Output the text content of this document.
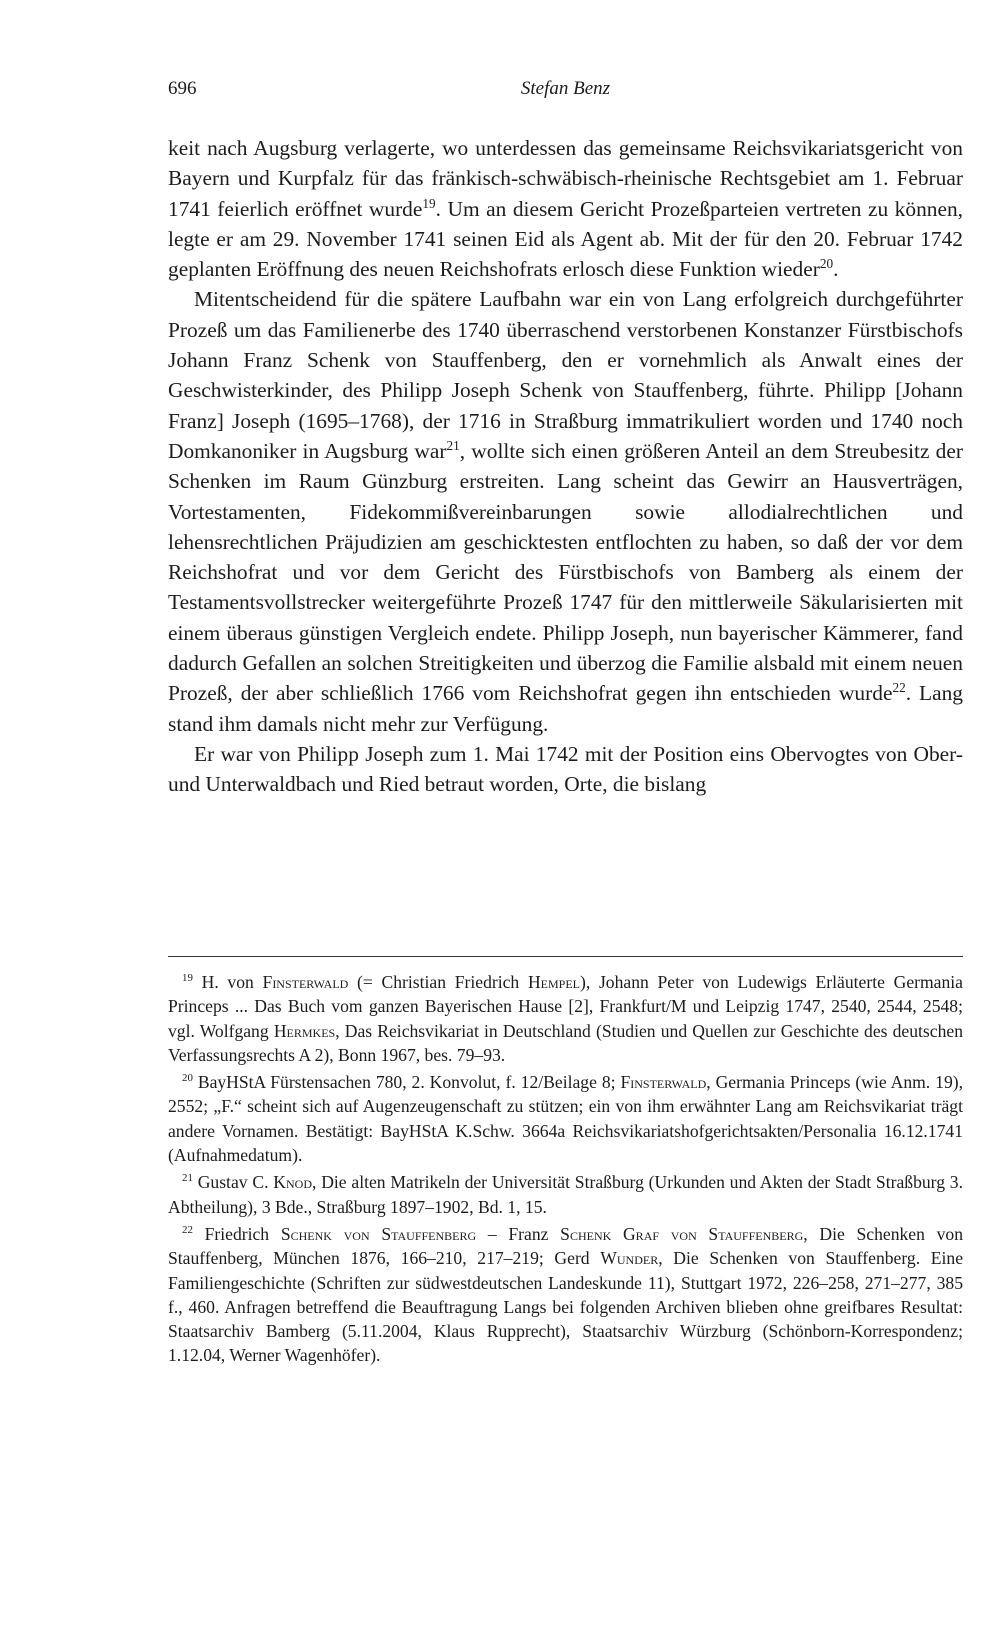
696	Stefan Benz

keit nach Augsburg verlagerte, wo unterdessen das gemeinsame Reichsvikariatsgericht von Bayern und Kurpfalz für das fränkisch-schwäbisch-rheinische Rechtsgebiet am 1. Februar 1741 feierlich eröffnet wurde$^{19}$. Um an diesem Gericht Prozeßparteien vertreten zu können, legte er am 29. November 1741 seinen Eid als Agent ab. Mit der für den 20. Februar 1742 geplanten Eröffnung des neuen Reichshofrats erlosch diese Funktion wieder$^{20}$.

Mitentscheidend für die spätere Laufbahn war ein von Lang erfolgreich durchgeführter Prozeß um das Familienerbe des 1740 überraschend verstorbenen Konstanzer Fürstbischofs Johann Franz Schenk von Stauffenberg, den er vornehmlich als Anwalt eines der Geschwisterkinder, des Philipp Joseph Schenk von Stauffenberg, führte. Philipp [Johann Franz] Joseph (1695–1768), der 1716 in Straßburg immatrikuliert worden und 1740 noch Domkanoniker in Augsburg war$^{21}$, wollte sich einen größeren Anteil an dem Streubesitz der Schenken im Raum Günzburg erstreiten. Lang scheint das Gewirr an Hausverträgen, Vortestamenten, Fidekommißvereinbarungen sowie allodialrechtlichen und lehensrechtlichen Präjudizien am geschicktesten entflochten zu haben, so daß der vor dem Reichshofrat und vor dem Gericht des Fürstbischofs von Bamberg als einem der Testamentsvollstrecker weitergeführte Prozeß 1747 für den mittlerweile Säkularisierten mit einem überaus günstigen Vergleich endete. Philipp Joseph, nun bayerischer Kämmerer, fand dadurch Gefallen an solchen Streitigkeiten und überzog die Familie alsbald mit einem neuen Prozeß, der aber schließlich 1766 vom Reichshofrat gegen ihn entschieden wurde$^{22}$. Lang stand ihm damals nicht mehr zur Verfügung.

Er war von Philipp Joseph zum 1. Mai 1742 mit der Position eins Obervogtes von Ober- und Unterwaldbach und Ried betraut worden, Orte, die bislang

$^{19}$ H. von Finsterwald (= Christian Friedrich Hempel), Johann Peter von Ludewigs Erläuterte Germania Princeps ... Das Buch vom ganzen Bayerischen Hause [2], Frankfurt/M und Leipzig 1747, 2540, 2544, 2548; vgl. Wolfgang Hermkes, Das Reichsvikariat in Deutschland (Studien und Quellen zur Geschichte des deutschen Verfassungsrechts A 2), Bonn 1967, bes. 79–93.

$^{20}$ BayHStA Fürstensachen 780, 2. Konvolut, f. 12/Beilage 8; Finsterwald, Germania Princeps (wie Anm. 19), 2552; „F.“ scheint sich auf Augenzeugenschaft zu stützen; ein von ihm erwähnter Lang am Reichsvikariat trägt andere Vornamen. Bestätigt: BayHStA K.Schw. 3664a Reichsvikariatshofgerichtsakten/Personalia 16.12.1741 (Aufnahmedatum).

$^{21}$ Gustav C. Knod, Die alten Matrikeln der Universität Straßburg (Urkunden und Akten der Stadt Straßburg 3. Abtheilung), 3 Bde., Straßburg 1897–1902, Bd. 1, 15.

$^{22}$ Friedrich Schenk von Stauffenberg – Franz Schenk Graf von Stauffenberg, Die Schenken von Stauffenberg, München 1876, 166–210, 217–219; Gerd Wunder, Die Schenken von Stauffenberg. Eine Familiengeschichte (Schriften zur südwestdeutschen Landeskunde 11), Stuttgart 1972, 226–258, 271–277, 385 f., 460. Anfragen betreffend die Beauftragung Langs bei folgenden Archiven blieben ohne greifbares Resultat: Staatsarchiv Bamberg (5.11.2004, Klaus Rupprecht), Staatsarchiv Würzburg (Schönborn-Korrespondenz; 1.12.04, Werner Wagenhöfer).
